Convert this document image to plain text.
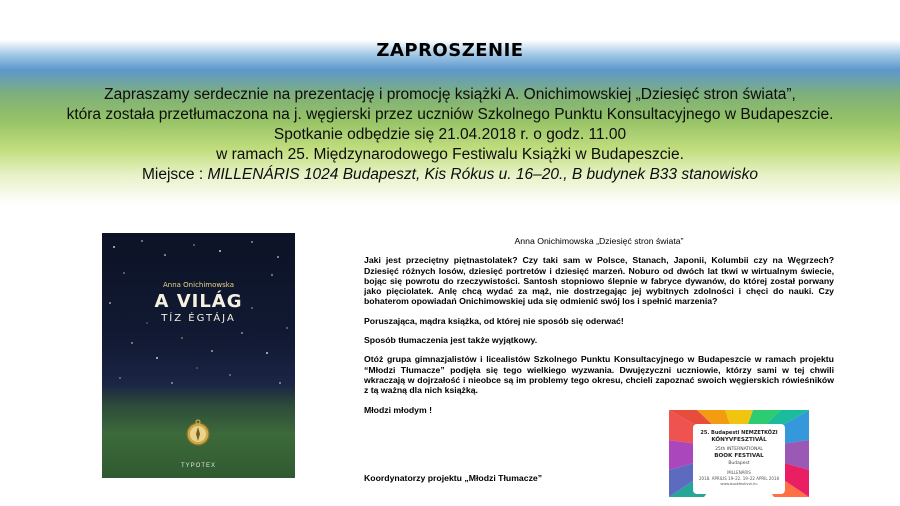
ZAPROSZENIE
Zapraszamy serdecznie na prezentację i promocję książki A. Onichimowskiej „Dziesięć stron świata”,
która została przetłumaczona na j. węgierski przez uczniów Szkolnego Punktu Konsultacyjnego w Budapeszcie.
Spotkanie odbędzie się 21.04.2018 r. o godz. 11.00
w ramach 25. Międzynarodowego Festiwalu Książki w Budapeszcie.
Miejsce : MILLENÁRIS 1024 Budapeszt, Kis Rókus u. 16–20., B budynek B33 stanowisko
Anna Onichimowska
A VILÁG
TÍZ ÉGTÁJA
TYPOTEX
Anna Onichimowska „Dziesięć stron świata”

Jaki jest przeciętny piętnastolatek? Czy taki sam w Polsce, Stanach, Japonii, Kolumbii czy na Węgrzech? Dziesięć różnych losów, dziesięć portretów i dziesięć marzeń. Noburo od dwóch lat tkwi w wirtualnym świecie, bojąc się powrotu do rzeczywistości. Santosh stopniowo ślepnie w fabryce dywanów, do której został porwany jako pięciolatek. Anlę chcą wydać za mąż, nie dostrzegając jej wybitnych zdolności i chęci do nauki. Czy bohaterom opowiadań Onichimowskiej uda się odmienić swój los i spełnić marzenia?

Poruszająca, mądra książka, od której nie sposób się oderwać!

Sposób tłumaczenia jest także wyjątkowy.

Otóż grupa gimnazjalistów i licealistów Szkolnego Punktu Konsultacyjnego w Budapeszcie w ramach projektu “Młodzi Tłumacze” podjęła się tego wielkiego wyzwania. Dwujęzyczni uczniowie, którzy sami w tej chwili wkraczają w dojrzałość i nieobce są im problemy tego okresu, chcieli zapoznać swoich węgierskich rówieśników z tą ważną dla nich książką.

Młodzi młodym !

Koordynatorzy projektu „Młodzi Tłumacze”
25. Budapesti NEMZETKÖZI
KÖNYVFESZTIVÁL
25th INTERNATIONAL
BOOK FESTIVAL
Budapest
MILLENÁRIS
2018. ÁPRILIS 19–22. 19–22 APRIL 2018
www.bookfestival.hu
